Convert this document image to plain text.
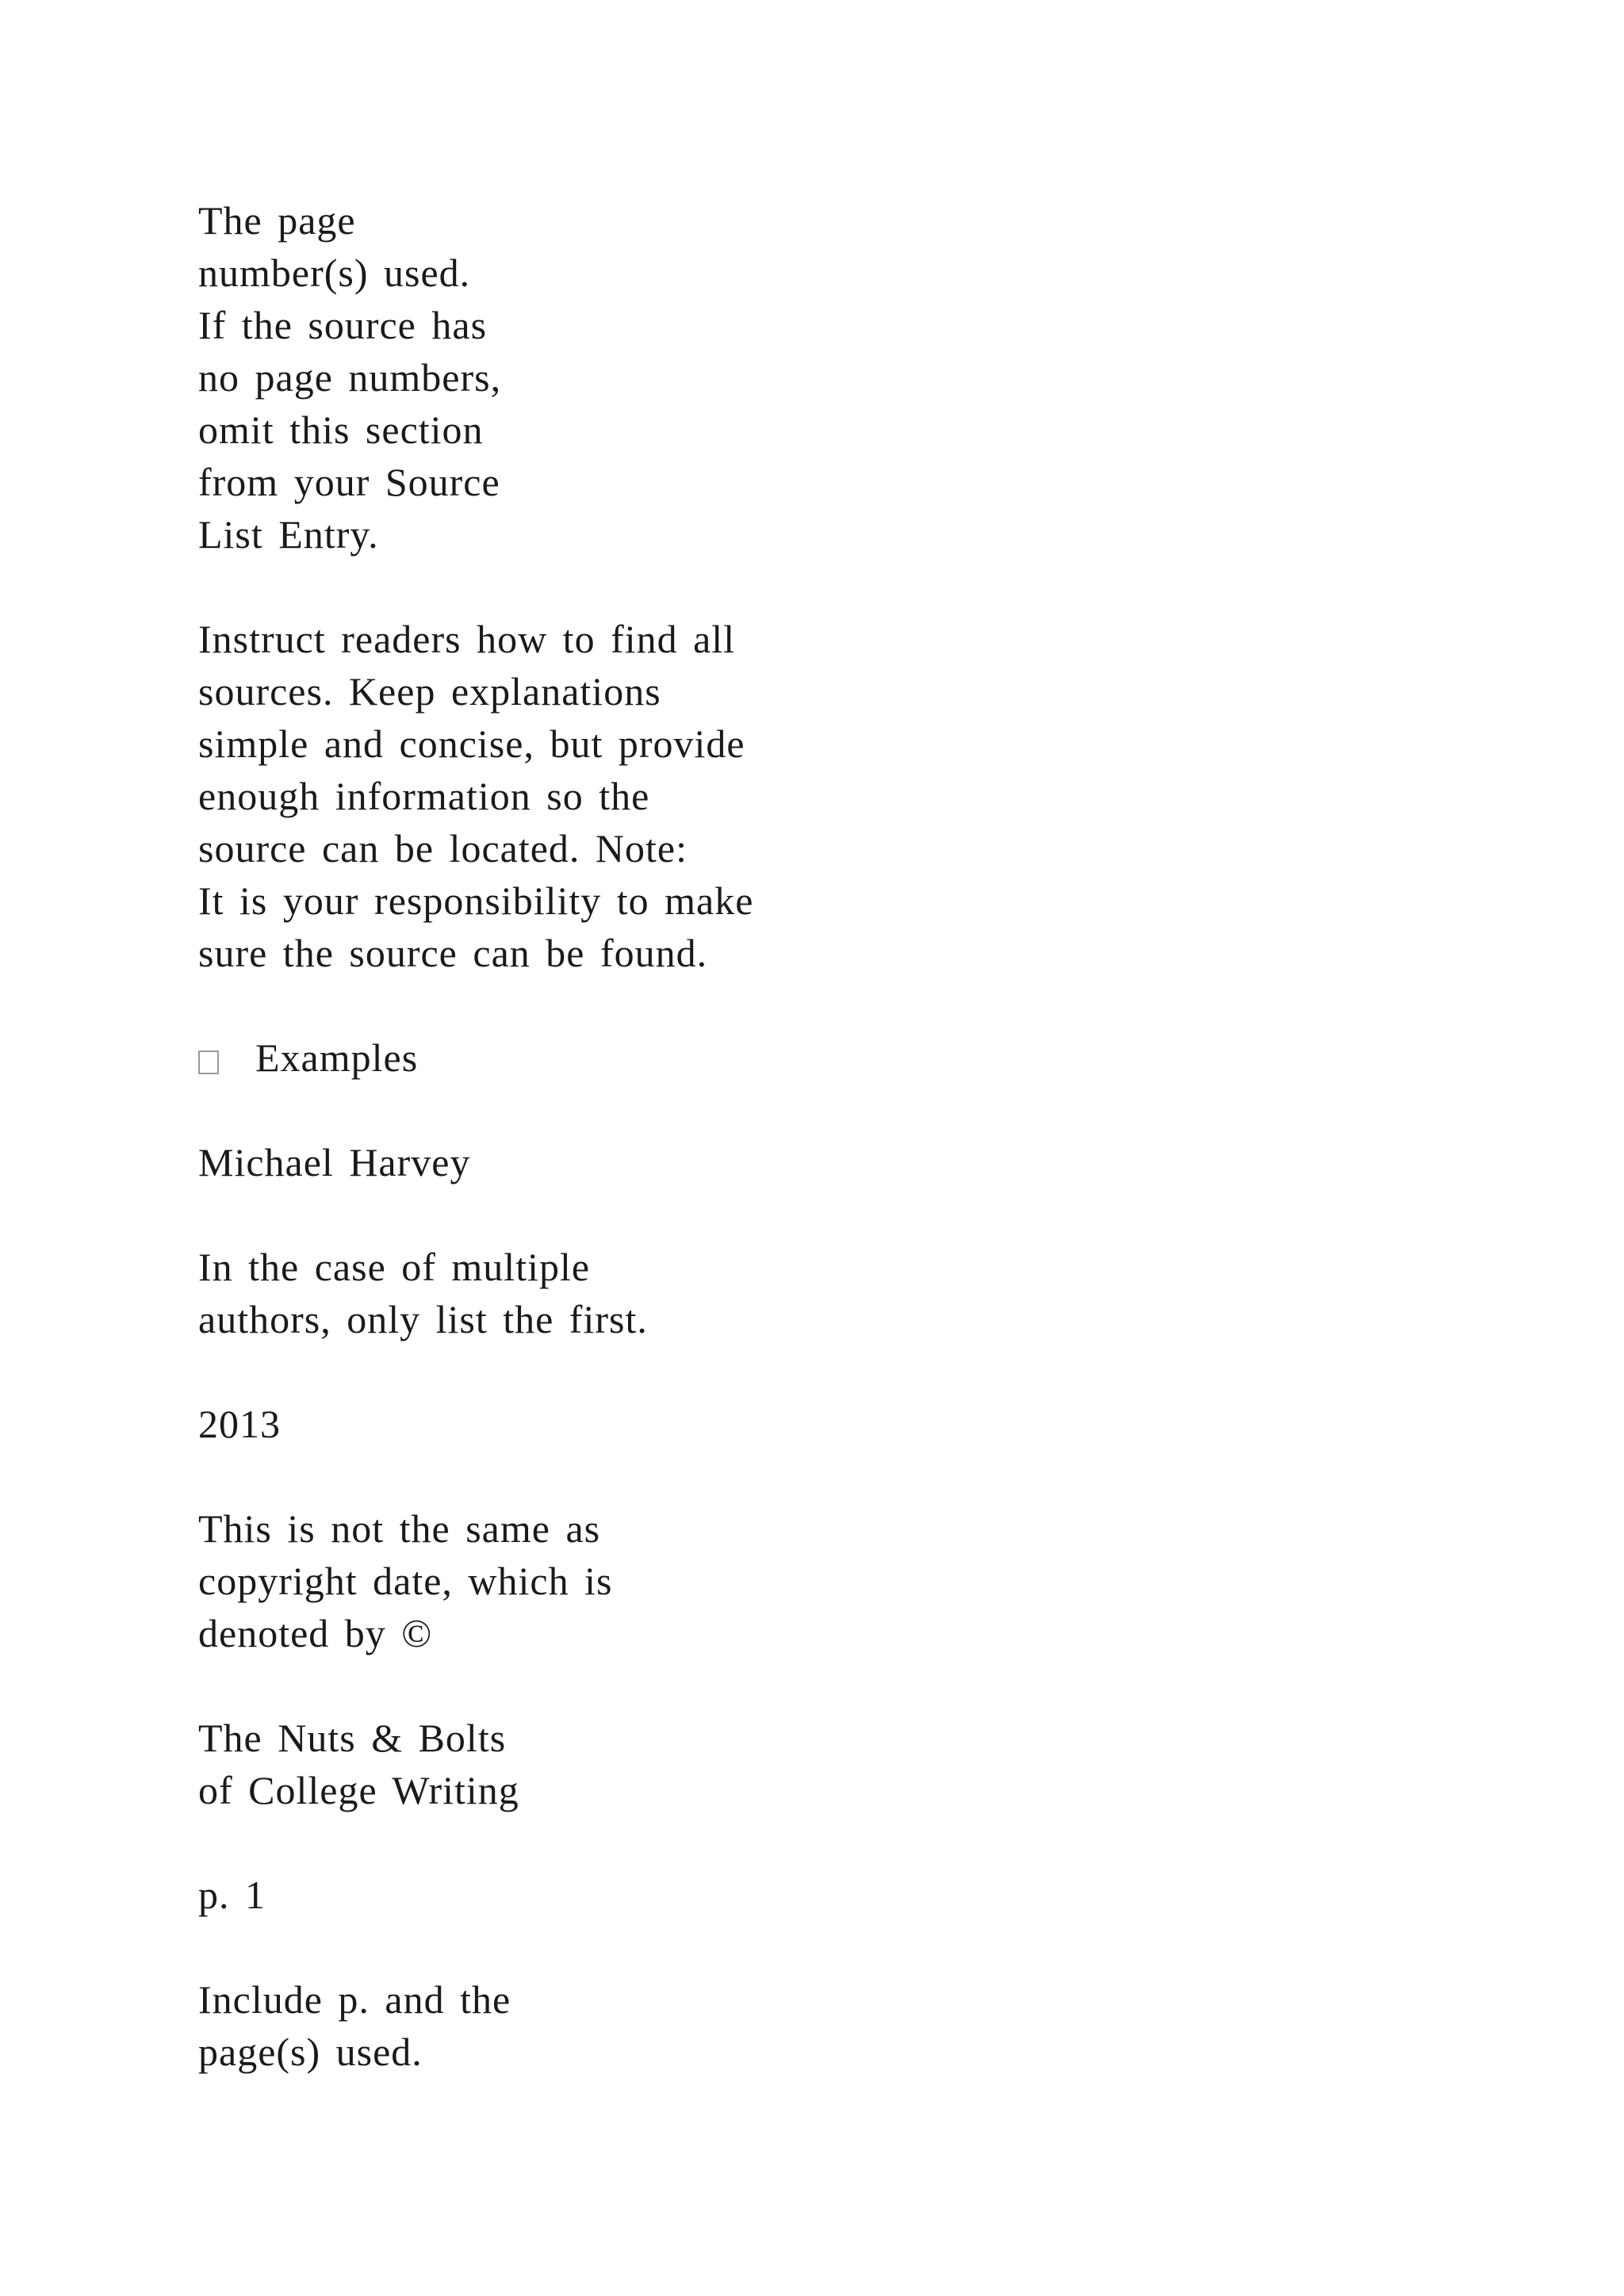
The page
number(s) used.
If the source has
no page numbers,
omit this section
from your Source
List Entry.
Instruct readers how to find all
sources. Keep explanations
simple and concise, but provide
enough information so the
source can be located. Note:
It is your responsibility to make
sure the source can be found.
Examples
Michael Harvey
In the case of multiple
authors, only list the first.
2013
This is not the same as
copyright date, which is
denoted by ©
The Nuts & Bolts
of College Writing
p. 1
Include p. and the
page(s) used.
